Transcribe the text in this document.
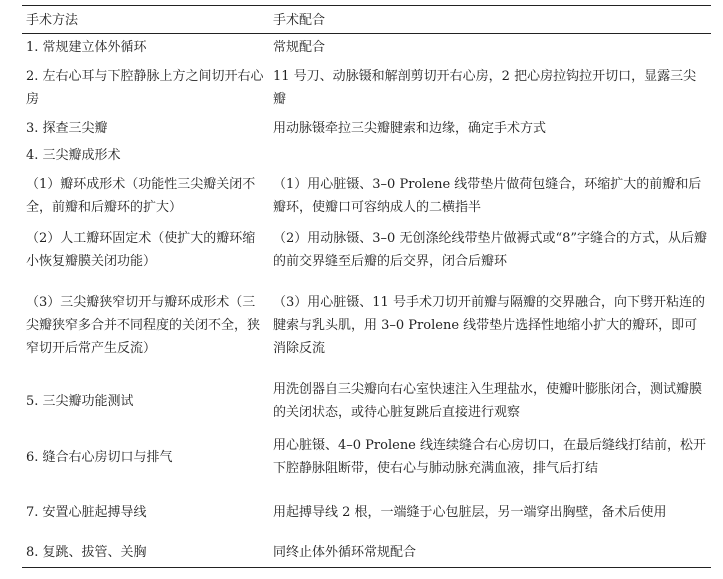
手术方法	手术配合
1. 常规建立体外循环	常规配合
2. 左右心耳与下腔静脉上方之间切开右心房	11 号刀、动脉镊和解剖剪切开右心房，2 把心房拉钩拉开切口，显露三尖瓣
3. 探查三尖瓣	用动脉镊牵拉三尖瓣腱索和边缘，确定手术方式
4. 三尖瓣成形术	
（1）瓣环成形术（功能性三尖瓣关闭不全，前瓣和后瓣环的扩大）	（1）用心脏镊、3–0 Prolene 线带垫片做荷包缝合，环缩扩大的前瓣和后瓣环，使瓣口可容纳成人的二横指半
（2）人工瓣环固定术（使扩大的瓣环缩小恢复瓣膜关闭功能）	（2）用动脉镊、3–0 无创涤纶线带垫片做褥式或“8”字缝合的方式，从后瓣的前交界缝至后瓣的后交界，闭合后瓣环
（3）三尖瓣狭窄切开与瓣环成形术（三尖瓣狭窄多合并不同程度的关闭不全，狭窄切开后常产生反流）	（3）用心脏镊、11 号手术刀切开前瓣与隔瓣的交界融合，向下劈开粘连的腱索与乳头肌，用 3–0 Prolene 线带垫片选择性地缩小扩大的瓣环，即可消除反流
5. 三尖瓣功能测试	用洗创器自三尖瓣向右心室快速注入生理盐水，使瓣叶膨胀闭合，测试瓣膜的关闭状态，或待心脏复跳后直接进行观察
6. 缝合右心房切口与排气	用心脏镊、4–0 Prolene 线连续缝合右心房切口，在最后缝线打结前，松开下腔静脉阻断带，使右心与肺动脉充满血液，排气后打结
7. 安置心脏起搏导线	用起搏导线 2 根，一端缝于心包脏层，另一端穿出胸壁，备术后使用
8. 复跳、拔管、关胸	同终止体外循环常规配合
